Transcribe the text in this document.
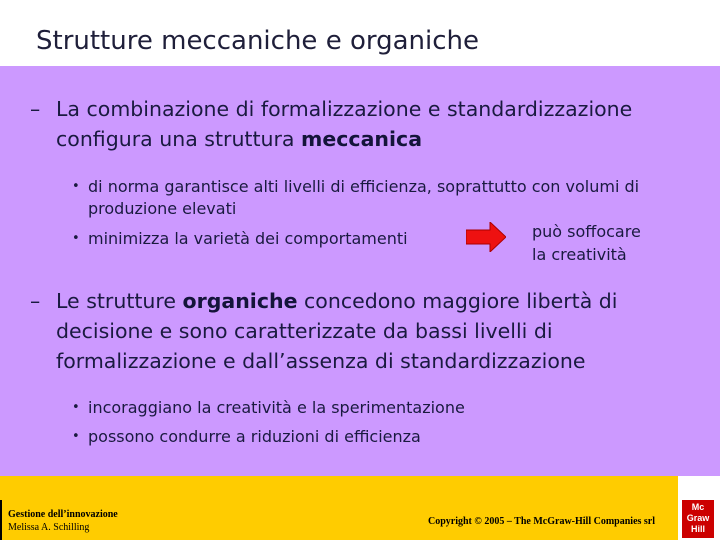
Strutture meccaniche e organiche
– La combinazione di formalizzazione e standardizzazione configura una struttura meccanica
• di norma garantisce alti livelli di efficienza, soprattutto con volumi di produzione elevati
• minimizza la varietà dei comportamenti	può soffocare
la creatività
– Le strutture organiche concedono maggiore libertà di decisione e sono caratterizzate da bassi livelli di formalizzazione e dall’assenza di standardizzazione
• incoraggiano la creatività e la sperimentazione
• possono condurre a riduzioni di efficienza
Gestione dell’innovazione
Melissa A. Schilling
Copyright © 2005 – The McGraw-Hill Companies srl
Mc
Graw
Hill
